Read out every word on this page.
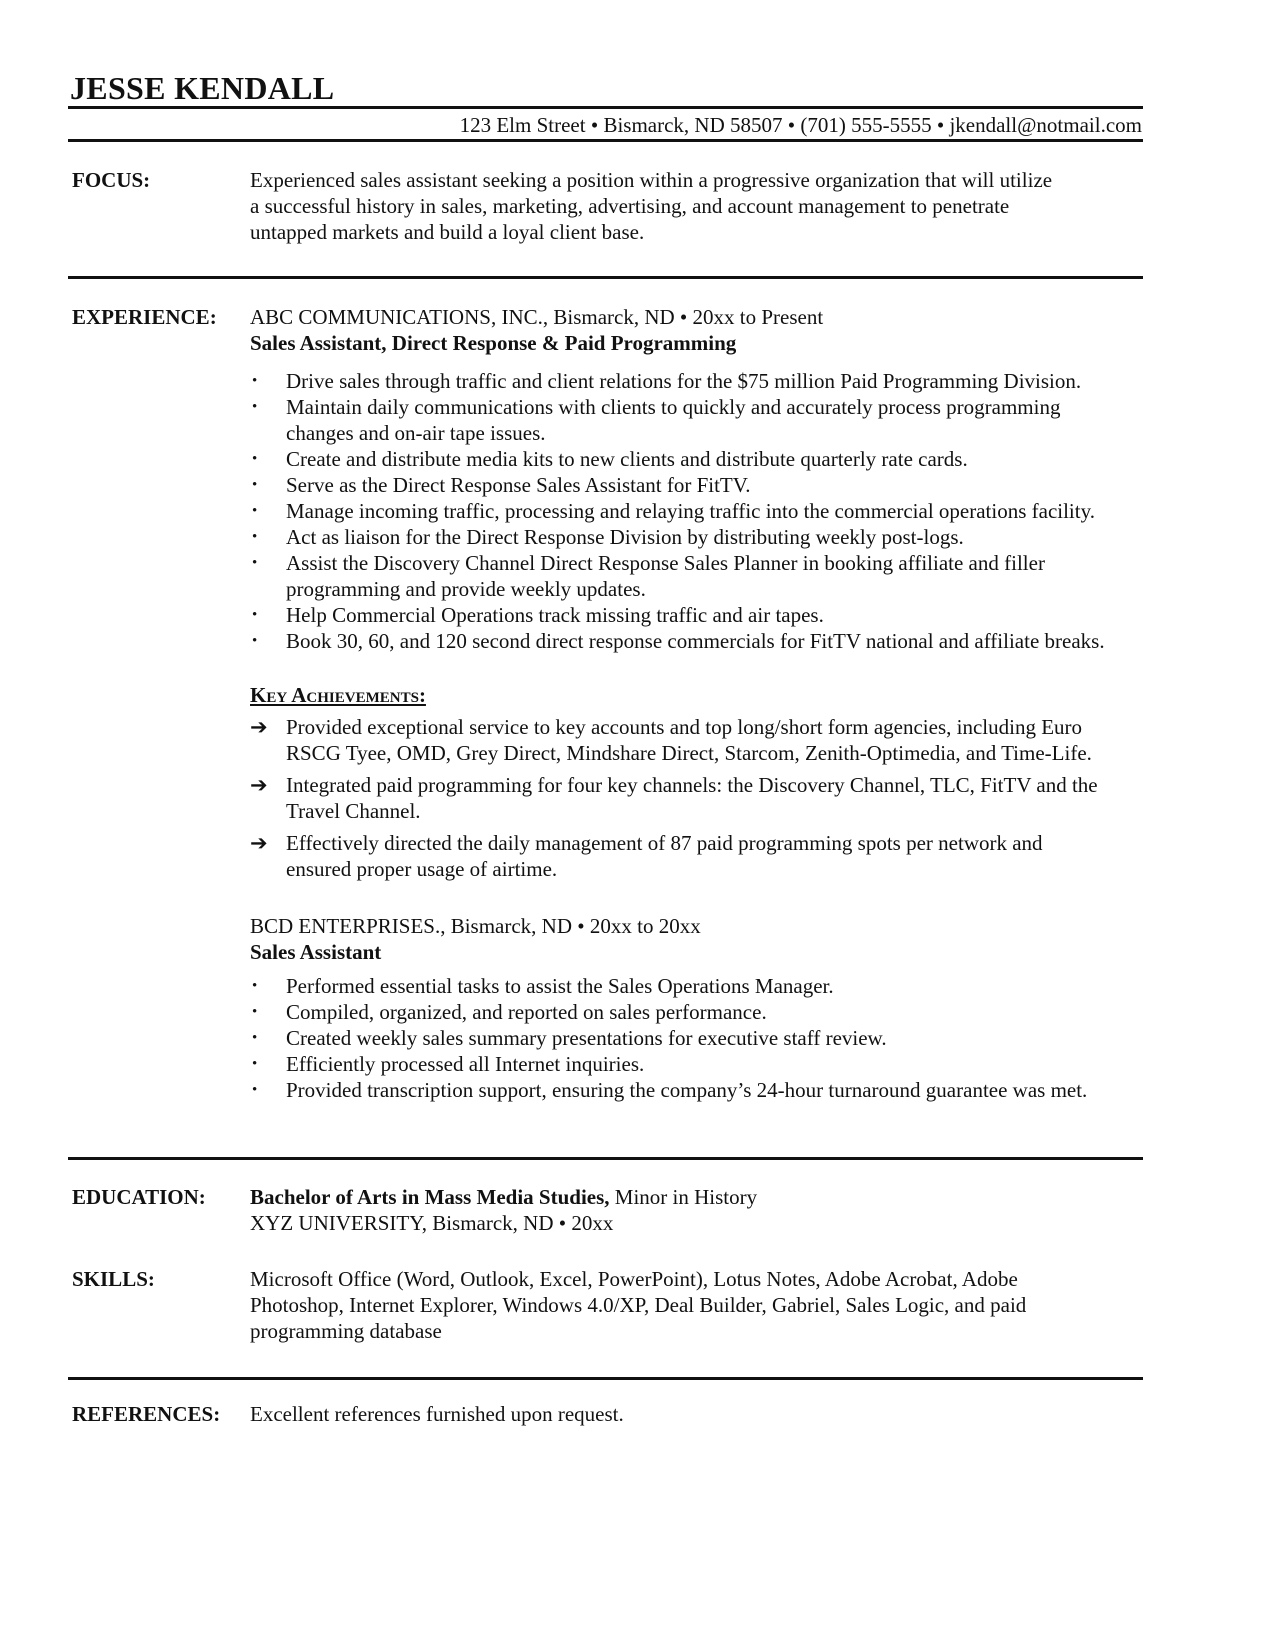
JESSE KENDALL
123 Elm Street • Bismarck, ND 58507 • (701) 555-5555 • jkendall@notmail.com
FOCUS:	Experienced sales assistant seeking a position within a progressive organization that will utilize
a successful history in sales, marketing, advertising, and account management to penetrate
untapped markets and build a loyal client base.
EXPERIENCE: ABC COMMUNICATIONS, INC., Bismarck, ND • 20xx to Present
Sales Assistant, Direct Response & Paid Programming
•	Drive sales through traffic and client relations for the $75 million Paid Programming Division.
•	Maintain daily communications with clients to quickly and accurately process programming
changes and on-air tape issues.
•	Create and distribute media kits to new clients and distribute quarterly rate cards.
•	Serve as the Direct Response Sales Assistant for FitTV.
•	Manage incoming traffic, processing and relaying traffic into the commercial operations facility.
•	Act as liaison for the Direct Response Division by distributing weekly post-logs.
•	Assist the Discovery Channel Direct Response Sales Planner in booking affiliate and filler
programming and provide weekly updates.
•	Help Commercial Operations track missing traffic and air tapes.
•	Book 30, 60, and 120 second direct response commercials for FitTV national and affiliate breaks.
Key Achievements:
➔ Provided exceptional service to key accounts and top long/short form agencies, including Euro
RSCG Tyee, OMD, Grey Direct, Mindshare Direct, Starcom, Zenith-Optimedia, and Time-Life.
➔ Integrated paid programming for four key channels: the Discovery Channel, TLC, FitTV and the
Travel Channel.
➔ Effectively directed the daily management of 87 paid programming spots per network and
ensured proper usage of airtime.
BCD ENTERPRISES., Bismarck, ND • 20xx to 20xx
Sales Assistant
•	Performed essential tasks to assist the Sales Operations Manager.
•	Compiled, organized, and reported on sales performance.
•	Created weekly sales summary presentations for executive staff review.
•	Efficiently processed all Internet inquiries.
•	Provided transcription support, ensuring the company’s 24-hour turnaround guarantee was met.
EDUCATION: Bachelor of Arts in Mass Media Studies, Minor in History
XYZ UNIVERSITY, Bismarck, ND • 20xx
SKILLS:	Microsoft Office (Word, Outlook, Excel, PowerPoint), Lotus Notes, Adobe Acrobat, Adobe
Photoshop, Internet Explorer, Windows 4.0/XP, Deal Builder, Gabriel, Sales Logic, and paid
programming database
REFERENCES: Excellent references furnished upon request.
